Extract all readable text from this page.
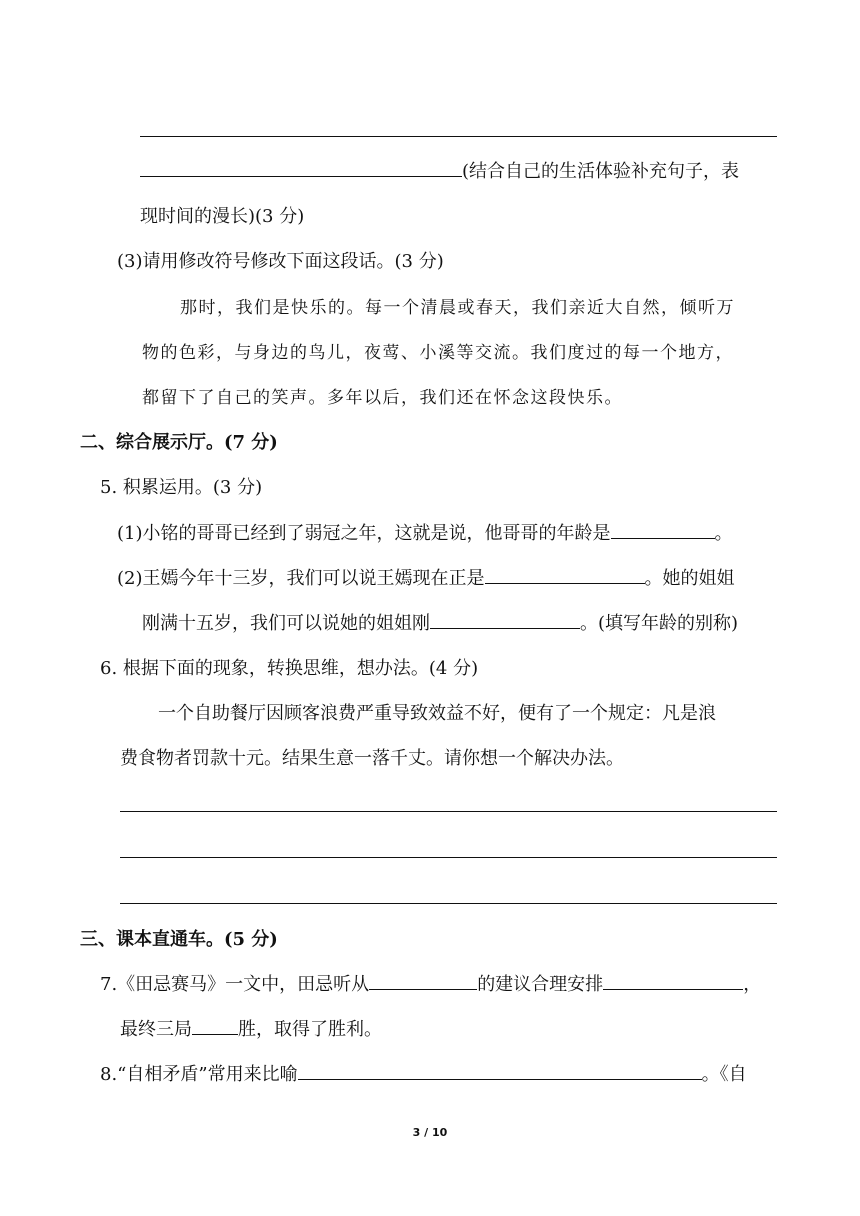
(结合自己的生活体验补充句子，表
现时间的漫长)(3 分)
(3)请用修改符号修改下面这段话。(3 分)
那时，我们是快乐的。每一个清晨或春天，我们亲近大自然，倾听万
物的色彩，与身边的鸟儿，夜莺、小溪等交流。我们度过的每一个地方，
都留下了自己的笑声。多年以后，我们还在怀念这段快乐。
二、综合展示厅。(7 分)
5. 积累运用。(3 分)
(1)小铭的哥哥已经到了弱冠之年，这就是说，他哥哥的年龄是	。
(2)王嫣今年十三岁，我们可以说王嫣现在正是	。她的姐姐
刚满十五岁，我们可以说她的姐姐刚	。(填写年龄的别称)
6. 根据下面的现象，转换思维，想办法。(4 分)
一个自助餐厅因顾客浪费严重导致效益不好，便有了一个规定：凡是浪
费食物者罚款十元。结果生意一落千丈。请你想一个解决办法。
三、课本直通车。(5 分)
7.《田忌赛马》一文中，田忌听从	的建议合理安排	，
最终三局	胜，取得了胜利。
8.“自相矛盾”常用来比喻	。《自
3 / 10
